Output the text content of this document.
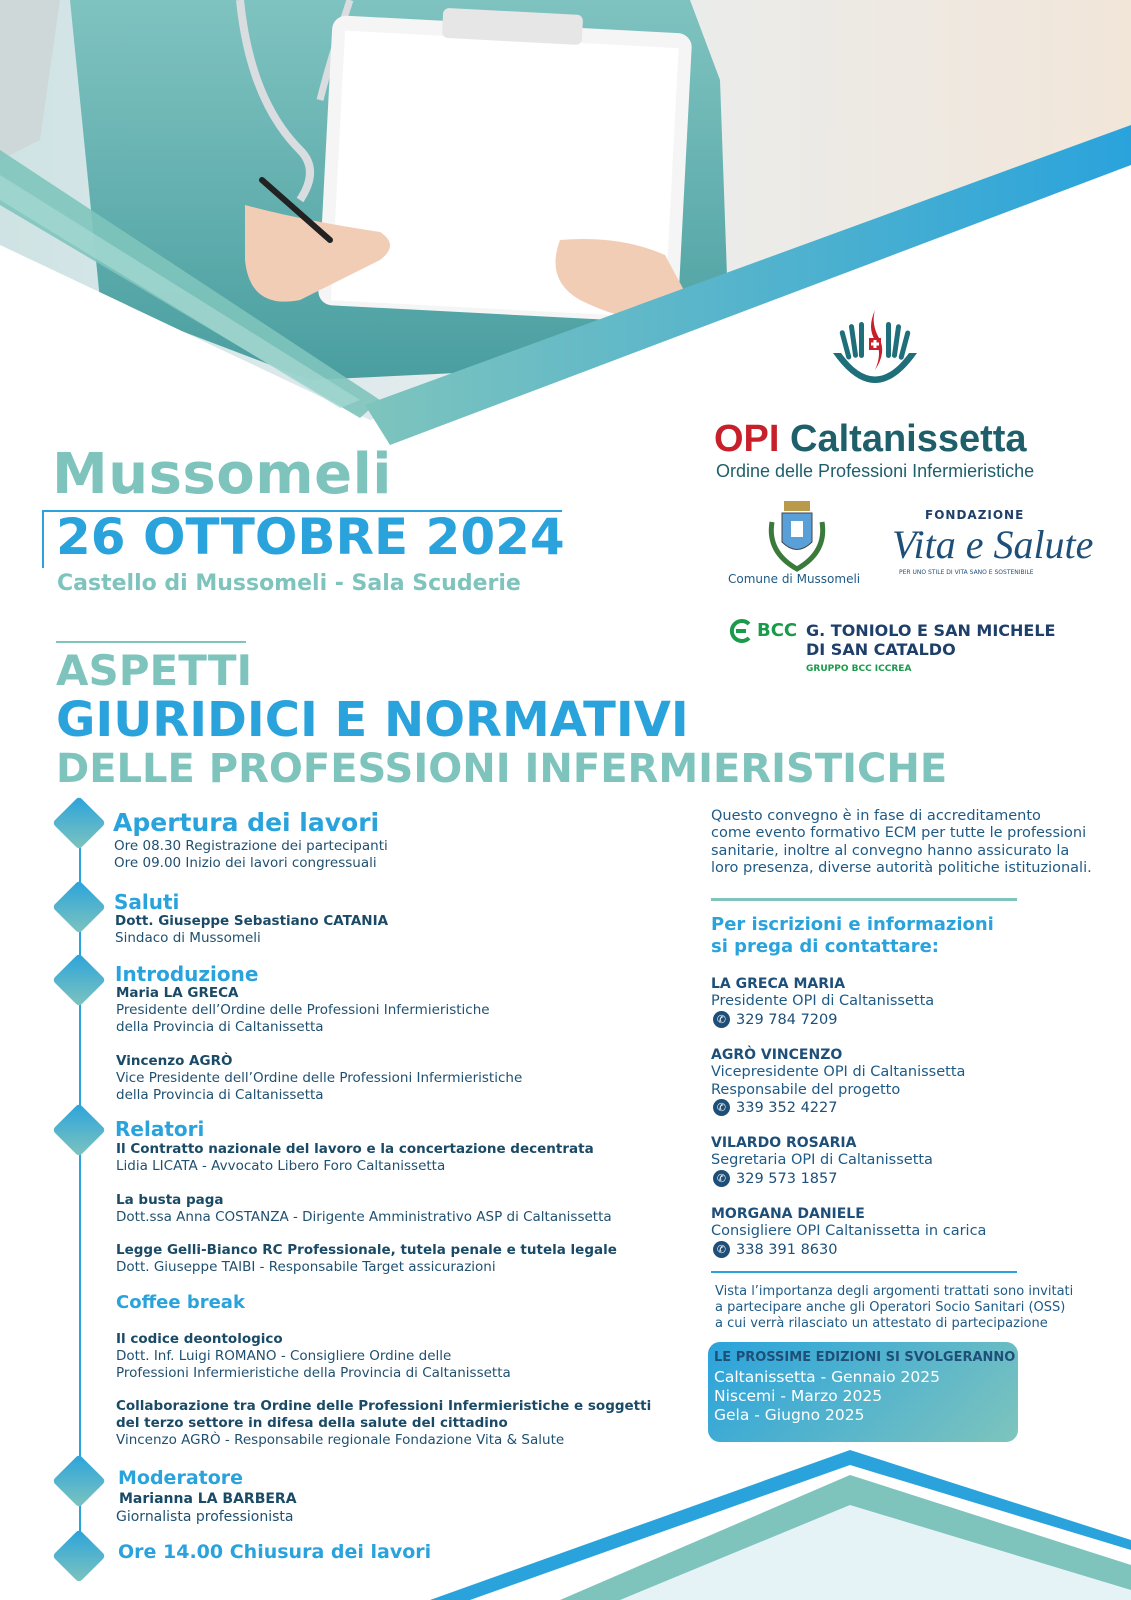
OPI Caltanissetta
Ordine delle Professioni Infermieristiche
Comune di Mussomeli
FONDAZIONE
Vita e Salute
PER UNO STILE DI VITA SANO E SOSTENIBILE
BCC G. TONIOLO E SAN MICHELE
DI SAN CATALDO
GRUPPO BCC ICCREA
Mussomeli
26 OTTOBRE 2024
Castello di Mussomeli - Sala Scuderie
ASPETTI
GIURIDICI E NORMATIVI
DELLE PROFESSIONI INFERMIERISTICHE
Apertura dei lavori
Ore 08.30 Registrazione dei partecipanti
Ore 09.00 Inizio dei lavori congressuali
Saluti
Dott. Giuseppe Sebastiano CATANIA
Sindaco di Mussomeli
Introduzione
Maria LA GRECA
Presidente dell’Ordine delle Professioni Infermieristiche
della Provincia di Caltanissetta
Vincenzo AGRÒ
Vice Presidente dell’Ordine delle Professioni Infermieristiche
della Provincia di Caltanissetta
Relatori
Il Contratto nazionale del lavoro e la concertazione decentrata
Lidia LICATA - Avvocato Libero Foro Caltanissetta
La busta paga
Dott.ssa Anna COSTANZA - Dirigente Amministrativo ASP di Caltanissetta
Legge Gelli-Bianco RC Professionale, tutela penale e tutela legale
Dott. Giuseppe TAIBI - Responsabile Target assicurazioni
Coffee break
Il codice deontologico
Dott. Inf. Luigi ROMANO - Consigliere Ordine delle
Professioni Infermieristiche della Provincia di Caltanissetta
Collaborazione tra Ordine delle Professioni Infermieristiche e soggetti
del terzo settore in difesa della salute del cittadino
Vincenzo AGRÒ - Responsabile regionale Fondazione Vita & Salute
Moderatore
Marianna LA BARBERA
Giornalista professionista
Ore 14.00 Chiusura dei lavori
Questo convegno è in fase di accreditamento
come evento formativo ECM per tutte le professioni
sanitarie, inoltre al convegno hanno assicurato la
loro presenza, diverse autorità politiche istituzionali.
Per iscrizioni e informazioni
si prega di contattare:
LA GRECA MARIA
Presidente OPI di Caltanissetta
✆ 329 784 7209
AGRÒ VINCENZO
Vicepresidente OPI di Caltanissetta
Responsabile del progetto
✆ 339 352 4227
VILARDO ROSARIA
Segretaria OPI di Caltanissetta
✆ 329 573 1857
MORGANA DANIELE
Consigliere OPI Caltanissetta in carica
✆ 338 391 8630
Vista l’importanza degli argomenti trattati sono invitati
a partecipare anche gli Operatori Socio Sanitari (OSS)
a cui verrà rilasciato un attestato di partecipazione
LE PROSSIME EDIZIONI SI SVOLGERANNO
Caltanissetta - Gennaio 2025
Niscemi - Marzo 2025
Gela - Giugno 2025
